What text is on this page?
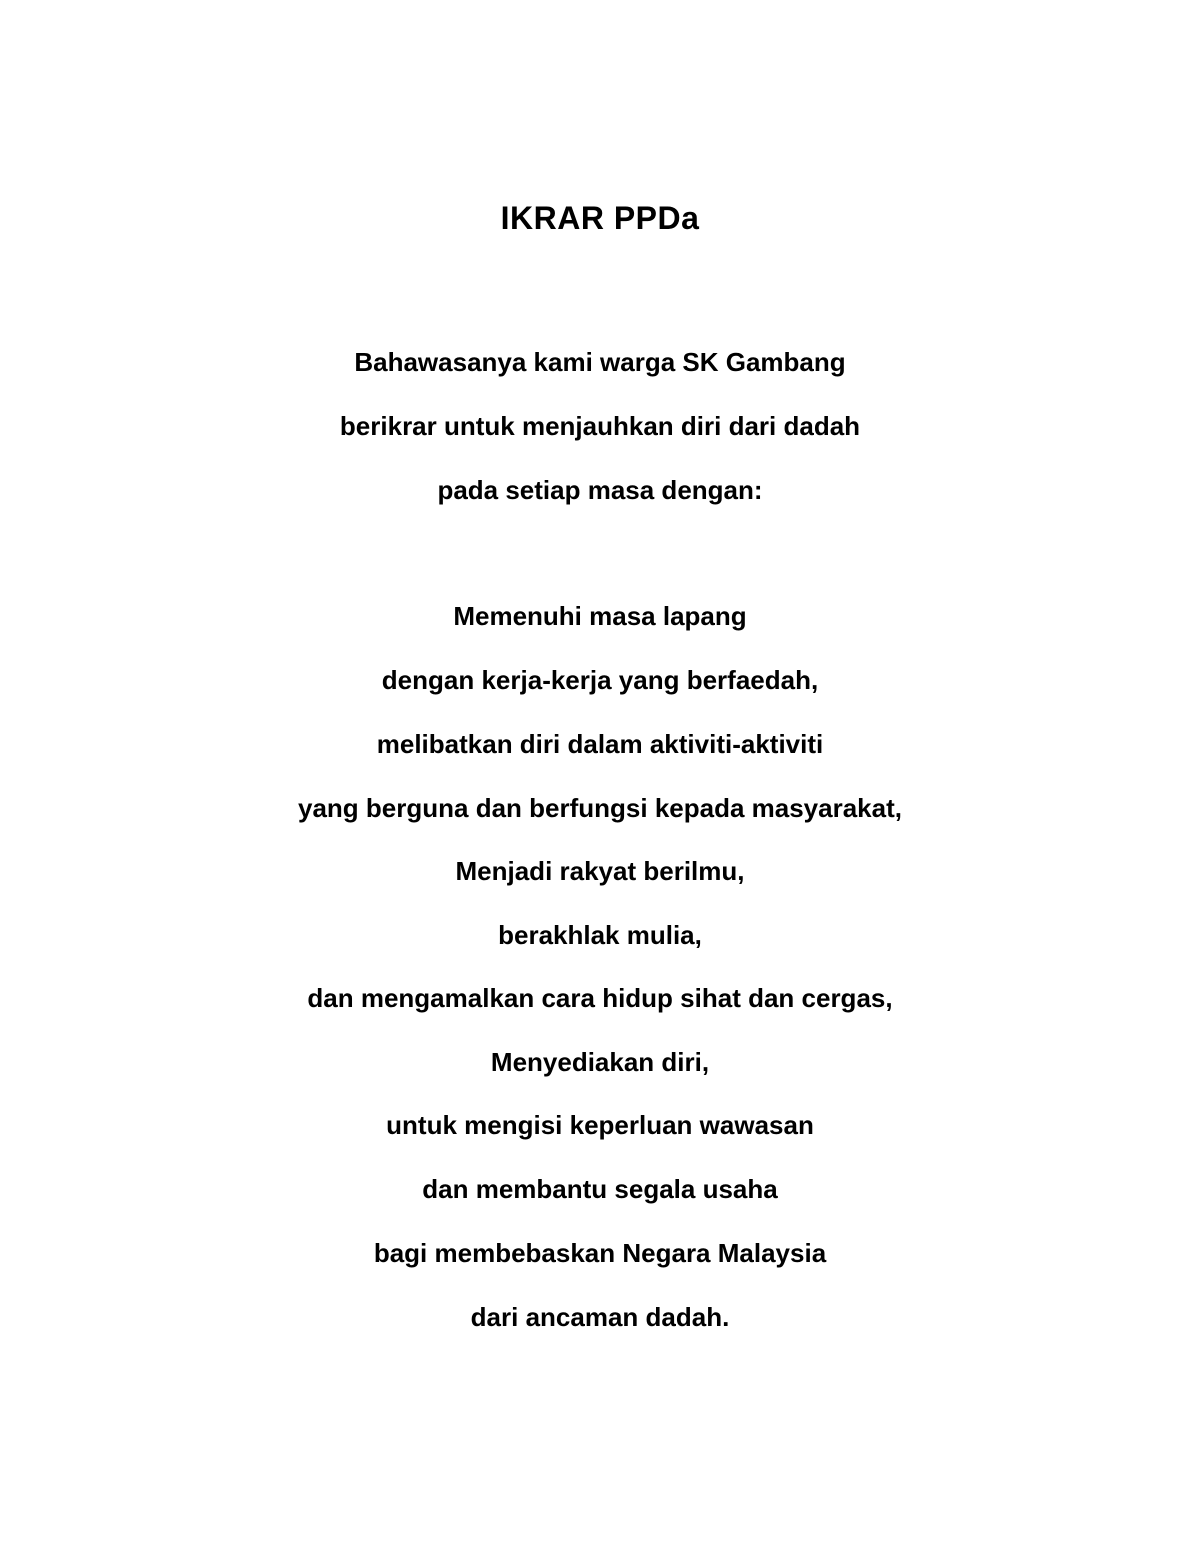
IKRAR PPDa
Bahawasanya kami warga SK Gambang
berikrar untuk menjauhkan diri dari dadah
pada setiap masa dengan:
Memenuhi masa lapang
dengan kerja-kerja yang berfaedah,
melibatkan diri dalam aktiviti-aktiviti
yang berguna dan berfungsi kepada masyarakat,
Menjadi rakyat berilmu,
berakhlak mulia,
dan mengamalkan cara hidup sihat dan cergas,
Menyediakan diri,
untuk mengisi keperluan wawasan
dan membantu segala usaha
bagi membebaskan Negara Malaysia
dari ancaman dadah.
